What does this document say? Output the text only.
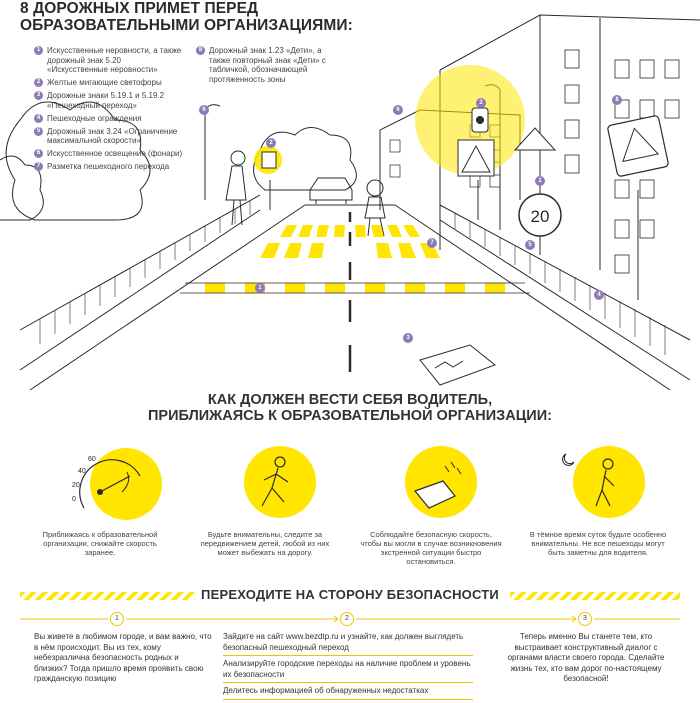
20
6
2
2
6
8
1
5
7
1
4
3
8 ДОРОЖНЫХ ПРИМЕТ ПЕРЕД
ОБРАЗОВАТЕЛЬНЫМИ ОРГАНИЗАЦИЯМИ:
1 Искусственные неровности, а также дорожный знак 5.20 «Искусственные неровности»
2 Желтые мигающие светофоры
3 Дорожные знаки 5.19.1 и 5.19.2 «Пешеходный переход»
4 Пешеходные ограждения
5 Дорожный знак 3.24 «Ограничение максимальной скорости»
6 Искусственное освещение (фонари)
7 Разметка пешеходного перехода
8 Дорожный знак 1.23 «Дети», а также повторный знак «Дети» с табличкой, обозначающей протяженность зоны
КАК ДОЛЖЕН ВЕСТИ СЕБЯ ВОДИТЕЛЬ,
ПРИБЛИЖАЯСЬ К ОБРАЗОВАТЕЛЬНОЙ ОРГАНИЗАЦИИ:
60
40
20
0
Приближаясь к образовательной организации, снижайте скорость заранее.
Будьте внимательны, следите за передвижением детей, любой из них может выбежать на дорогу.
Соблюдайте безопасную скорость, чтобы вы могли в случае возникновения экстренной ситуации быстро остановиться.
В тёмное время суток будьте особенно внимательны. Не все пешеходы могут быть заметны для водителя.
ПЕРЕХОДИТЕ НА СТОРОНУ БЕЗОПАСНОСТИ
1	2	3
Вы живете в любимом городе, и вам важно, что в нём происходит. Вы из тех, кому небезразлична безопасность родных и близких? Тогда пришло время проявить свою гражданскую позицию
Зайдите на сайт www.bezdtp.ru и узнайте, как должен выглядеть безопасный пешеходный переход
Анализируйте городские переходы на наличие проблем и уровень их безопасности
Делитесь информацией об обнаруженных недостатках
Теперь именно Вы станете тем, кто выстраивает конструктивный диалог с органами власти своего города. Сделайте жизнь тех, кто вам дорог по-настоящему безопасной!
